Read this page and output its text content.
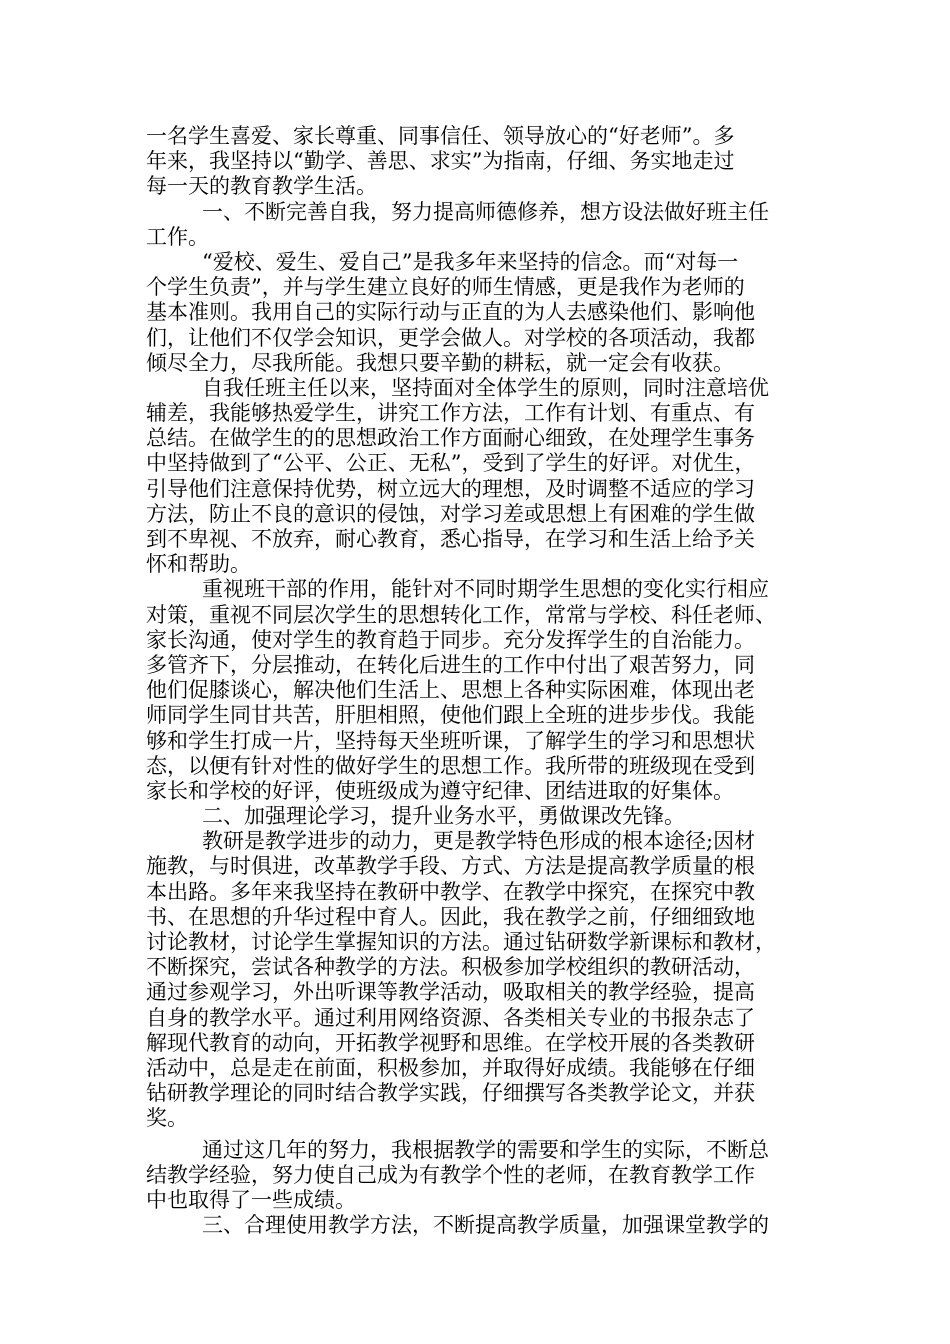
一名学生喜爱、家长尊重、同事信任、领导放心的“好老师”。多
年来，我坚持以“勤学、善思、求实”为指南，仔细、务实地走过
每一天的教育教学生活。
一、不断完善自我，努力提高师德修养，想方设法做好班主任
工作。
“爱校、爱生、爱自己”是我多年来坚持的信念。而“对每一
个学生负责”，并与学生建立良好的师生情感，更是我作为老师的
基本准则。我用自己的实际行动与正直的为人去感染他们、影响他
们，让他们不仅学会知识，更学会做人。对学校的各项活动，我都
倾尽全力，尽我所能。我想只要辛勤的耕耘，就一定会有收获。
自我任班主任以来，坚持面对全体学生的原则，同时注意培优
辅差，我能够热爱学生，讲究工作方法，工作有计划、有重点、有
总结。在做学生的的思想政治工作方面耐心细致，在处理学生事务
中坚持做到了“公平、公正、无私”，受到了学生的好评。对优生，
引导他们注意保持优势，树立远大的理想，及时调整不适应的学习
方法，防止不良的意识的侵蚀，对学习差或思想上有困难的学生做
到不卑视、不放弃，耐心教育，悉心指导，在学习和生活上给予关
怀和帮助。
重视班干部的作用，能针对不同时期学生思想的变化实行相应
对策，重视不同层次学生的思想转化工作，常常与学校、科任老师、
家长沟通，使对学生的教育趋于同步。充分发挥学生的自治能力。
多管齐下，分层推动，在转化后进生的工作中付出了艰苦努力，同
他们促膝谈心，解决他们生活上、思想上各种实际困难，体现出老
师同学生同甘共苦，肝胆相照，使他们跟上全班的进步步伐。我能
够和学生打成一片，坚持每天坐班听课，了解学生的学习和思想状
态，以便有针对性的做好学生的思想工作。我所带的班级现在受到
家长和学校的好评，使班级成为遵守纪律、团结进取的好集体。
二、加强理论学习，提升业务水平，勇做课改先锋。
教研是教学进步的动力，更是教学特色形成的根本途径;因材
施教，与时俱进，改革教学手段、方式、方法是提高教学质量的根
本出路。多年来我坚持在教研中教学、在教学中探究，在探究中教
书、在思想的升华过程中育人。因此，我在教学之前，仔细细致地
讨论教材，讨论学生掌握知识的方法。通过钻研数学新课标和教材，
不断探究，尝试各种教学的方法。积极参加学校组织的教研活动，
通过参观学习，外出听课等教学活动，吸取相关的教学经验，提高
自身的教学水平。通过利用网络资源、各类相关专业的书报杂志了
解现代教育的动向，开拓教学视野和思维。在学校开展的各类教研
活动中，总是走在前面，积极参加，并取得好成绩。我能够在仔细
钻研教学理论的同时结合教学实践，仔细撰写各类教学论文，并获
奖。
通过这几年的努力，我根据教学的需要和学生的实际，不断总
结教学经验，努力使自己成为有教学个性的老师，在教育教学工作
中也取得了一些成绩。
三、合理使用教学方法，不断提高教学质量，加强课堂教学的
